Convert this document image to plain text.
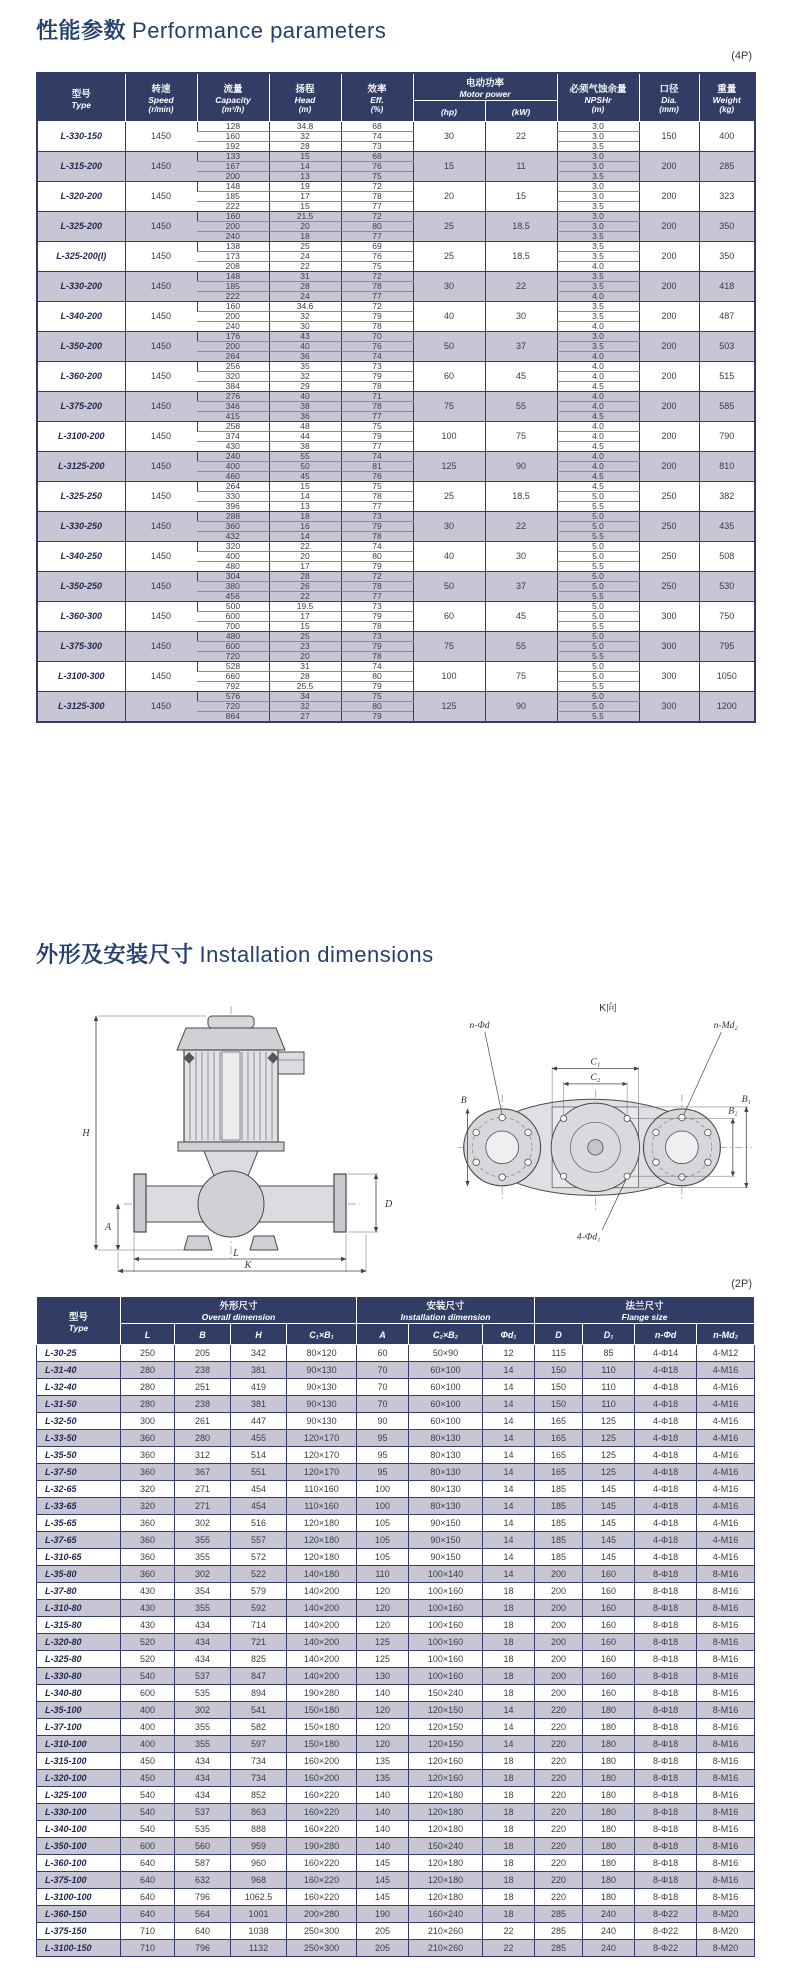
性能参数 Performance parameters
(4P)
型号
Type	转速
Speed
(r/min)	流量
Capacity
(m³/h)	扬程
Head
(m)	效率
Eff.
(%)	电动功率
Motor power		必须气蚀余量
NPSHr
(m)	口径
Dia.
(mm)	重量
Weight
(kg)

					(hp)	(kW)			
L-330-150	1450	128	34.8	68	30	22	3.0	150	400
		160	32	74			3.0		
		192	28	73			3.5		
L-315-200	1450	133	15	68	15	11	3.0	200	285
		167	14	76			3.0		
		200	13	75			3.5		
L-320-200	1450	148	19	72	20	15	3.0	200	323
		185	17	78			3.0		
		222	15	77			3.5		
L-325-200	1450	160	21.5	72	25	18.5	3.0	200	350
		200	20	80			3.0		
		240	18	77			3.5		
L-325-200(I)	1450	138	25	69	25	18.5	3.5	200	350
		173	24	76			3.5		
		208	22	75			4.0		
L-330-200	1450	148	31	72	30	22	3.5	200	418
		185	28	78			3.5		
		222	24	77			4.0		
L-340-200	1450	160	34.6	72	40	30	3.5	200	487
		200	32	79			3.5		
		240	30	78			4.0		
L-350-200	1450	176	43	70	50	37	3.0	200	503
		200	40	76			3.5		
		264	36	74			4.0		
L-360-200	1450	256	35	73	60	45	4.0	200	515
		320	32	79			4.0		
		384	29	78			4.5		
L-375-200	1450	276	40	71	75	55	4.0	200	585
		346	38	78			4.0		
		415	36	77			4.5		
L-3100-200	1450	258	48	75	100	75	4.0	200	790
		374	44	79			4.0		
		430	38	77			4.5		
L-3125-200	1450	240	55	74	125	90	4.0	200	810
		400	50	81			4.0		
		460	45	76			4.5		
L-325-250	1450	264	15	75	25	18.5	4.5	250	382
		330	14	78			5.0		
		396	13	77			5.5		
L-330-250	1450	288	18	73	30	22	5.0	250	435
		360	16	79			5.0		
		432	14	78			5.5		
L-340-250	1450	320	22	74	40	30	5.0	250	508
		400	20	80			5.0		
		480	17	79			5.5		
L-350-250	1450	304	28	72	50	37	5.0	250	530
		380	26	78			5.0		
		456	22	77			5.5		
L-360-300	1450	500	19.5	73	60	45	5.0	300	750
		600	17	79			5.0		
		700	15	78			5.5		
L-375-300	1450	480	25	73	75	55	5.0	300	795
		600	23	79			5.0		
		720	20	78			5.5		
L-3100-300	1450	528	31	74	100	75	5.0	300	1050
		660	28	80			5.0		
		792	25.5	79			5.5		
L-3125-300	1450	576	34	75	125	90	5.0	300	1200
		720	32	80			5.0		
		864	27	79			5.5		
外形及安装尺寸 Installation dimensions
H
A
D
L
K
K向
C₁
C₂
n-Φd	n-Md₂
B
B₂
B₁
4-Φd₁
(2P)
型号
Type	外形尺寸
Overall dimension				安装尺寸
Installation dimension			法兰尺寸
Flange size			

	L	B	H	C₁×B₁	A	C₂×B₂	Φd₁	D	D₁	n-Φd	n-Md₂
L-30-25	250	205	342	80×120	60	50×90	12	115	85	4-Φ14	4-M12
L-31-40	280	238	381	90×130	70	60×100	14	150	110	4-Φ18	4-M16
L-32-40	280	251	419	90×130	70	60×100	14	150	110	4-Φ18	4-M16
L-31-50	280	238	381	90×130	70	60×100	14	150	110	4-Φ18	4-M16
L-32-50	300	261	447	90×130	90	60×100	14	165	125	4-Φ18	4-M16
L-33-50	360	280	455	120×170	95	80×130	14	165	125	4-Φ18	4-M16
L-35-50	360	312	514	120×170	95	80×130	14	165	125	4-Φ18	4-M16
L-37-50	360	367	551	120×170	95	80×130	14	165	125	4-Φ18	4-M16
L-32-65	320	271	454	110×160	100	80×130	14	185	145	4-Φ18	4-M16
L-33-65	320	271	454	110×160	100	80×130	14	185	145	4-Φ18	4-M16
L-35-65	360	302	516	120×180	105	90×150	14	185	145	4-Φ18	4-M16
L-37-65	360	355	557	120×180	105	90×150	14	185	145	4-Φ18	4-M16
L-310-65	360	355	572	120×180	105	90×150	14	185	145	4-Φ18	4-M16
L-35-80	360	302	522	140×180	110	100×140	14	200	160	8-Φ18	8-M16
L-37-80	430	354	579	140×200	120	100×160	18	200	160	8-Φ18	8-M16
L-310-80	430	355	592	140×200	120	100×160	18	200	160	8-Φ18	8-M16
L-315-80	430	434	714	140×200	120	100×160	18	200	160	8-Φ18	8-M16
L-320-80	520	434	721	140×200	125	100×160	18	200	160	8-Φ18	8-M16
L-325-80	520	434	825	140×200	125	100×160	18	200	160	8-Φ18	8-M16
L-330-80	540	537	847	140×200	130	100×160	18	200	160	8-Φ18	8-M16
L-340-80	600	535	894	190×280	140	150×240	18	200	160	8-Φ18	8-M16
L-35-100	400	302	541	150×180	120	120×150	14	220	180	8-Φ18	8-M16
L-37-100	400	355	582	150×180	120	120×150	14	220	180	8-Φ18	8-M16
L-310-100	400	355	597	150×180	120	120×150	14	220	180	8-Φ18	8-M16
L-315-100	450	434	734	160×200	135	120×160	18	220	180	8-Φ18	8-M16
L-320-100	450	434	734	160×200	135	120×160	18	220	180	8-Φ18	8-M16
L-325-100	540	434	852	160×220	140	120×180	18	220	180	8-Φ18	8-M16
L-330-100	540	537	863	160×220	140	120×180	18	220	180	8-Φ18	8-M16
L-340-100	540	535	888	160×220	140	120×180	18	220	180	8-Φ18	8-M16
L-350-100	600	560	959	190×280	140	150×240	18	220	180	8-Φ18	8-M16
L-360-100	640	587	960	160×220	145	120×180	18	220	180	8-Φ18	8-M16
L-375-100	640	632	968	160×220	145	120×180	18	220	180	8-Φ18	8-M16
L-3100-100	640	796	1062.5	160×220	145	120×180	18	220	180	8-Φ18	8-M16
L-360-150	640	564	1001	200×280	190	160×240	18	285	240	8-Φ22	8-M20
L-375-150	710	640	1038	250×300	205	210×260	22	285	240	8-Φ22	8-M20
L-3100-150	710	796	1132	250×300	205	210×260	22	285	240	8-Φ22	8-M20
